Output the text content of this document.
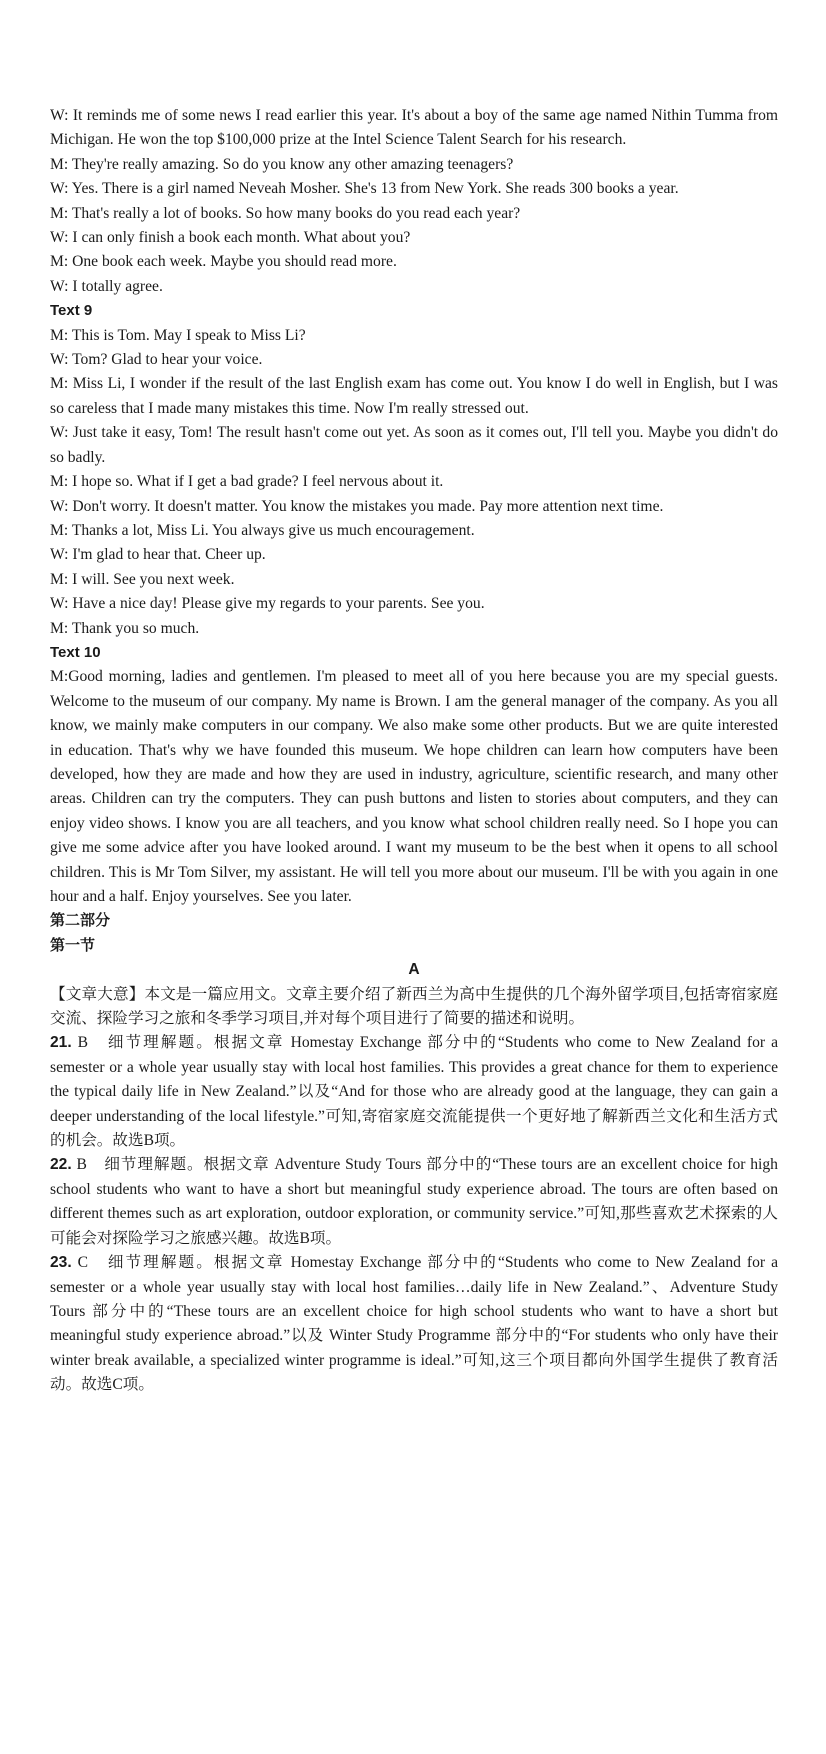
W: It reminds me of some news I read earlier this year. It's about a boy of the same age named Nithin Tumma from Michigan. He won the top $100,000 prize at the Intel Science Talent Search for his research.
M: They're really amazing. So do you know any other amazing teenagers?
W: Yes. There is a girl named Neveah Mosher. She's 13 from New York. She reads 300 books a year.
M: That's really a lot of books. So how many books do you read each year?
W: I can only finish a book each month. What about you?
M: One book each week. Maybe you should read more.
W: I totally agree.
Text 9
M: This is Tom. May I speak to Miss Li?
W: Tom? Glad to hear your voice.
M: Miss Li, I wonder if the result of the last English exam has come out. You know I do well in English, but I was so careless that I made many mistakes this time. Now I'm really stressed out.
W: Just take it easy, Tom! The result hasn't come out yet. As soon as it comes out, I'll tell you. Maybe you didn't do so badly.
M: I hope so. What if I get a bad grade? I feel nervous about it.
W: Don't worry. It doesn't matter. You know the mistakes you made. Pay more attention next time.
M: Thanks a lot, Miss Li. You always give us much encouragement.
W: I'm glad to hear that. Cheer up.
M: I will. See you next week.
W: Have a nice day! Please give my regards to your parents. See you.
M: Thank you so much.
Text 10
M:Good morning, ladies and gentlemen. I'm pleased to meet all of you here because you are my special guests. Welcome to the museum of our company. My name is Brown. I am the general manager of the company. As you all know, we mainly make computers in our company. We also make some other products. But we are quite interested in education. That's why we have founded this museum. We hope children can learn how computers have been developed, how they are made and how they are used in industry, agriculture, scientific research, and many other areas. Children can try the computers. They can push buttons and listen to stories about computers, and they can enjoy video shows. I know you are all teachers, and you know what school children really need. So I hope you can give me some advice after you have looked around. I want my museum to be the best when it opens to all school children. This is Mr Tom Silver, my assistant. He will tell you more about our museum. I'll be with you again in one hour and a half. Enjoy yourselves. See you later.
第二部分
第一节
A
【文章大意】本文是一篇应用文。文章主要介绍了新西兰为高中生提供的几个海外留学项目,包括寄宿家庭交流、探险学习之旅和冬季学习项目,并对每个项目进行了简要的描述和说明。
21. B　细节理解题。根据文章 Homestay Exchange 部分中的“Students who come to New Zealand for a semester or a whole year usually stay with local host families. This provides a great chance for them to experience the typical daily life in New Zealand.”以及“And for those who are already good at the language, they can gain a deeper understanding of the local lifestyle.”可知,寄宿家庭交流能提供一个更好地了解新西兰文化和生活方式的机会。故选B项。
22. B　细节理解题。根据文章 Adventure Study Tours 部分中的“These tours are an excellent choice for high school students who want to have a short but meaningful study experience abroad. The tours are often based on different themes such as art exploration, outdoor exploration, or community service.”可知,那些喜欢艺术探索的人可能会对探险学习之旅感兴趣。故选B项。
23. C　细节理解题。根据文章 Homestay Exchange 部分中的“Students who come to New Zealand for a semester or a whole year usually stay with local host families…daily life in New Zealand.”、Adventure Study Tours 部分中的“These tours are an excellent choice for high school students who want to have a short but meaningful study experience abroad.”以及 Winter Study Programme 部分中的“For students who only have their winter break available, a specialized winter programme is ideal.”可知,这三个项目都向外国学生提供了教育活动。故选C项。
